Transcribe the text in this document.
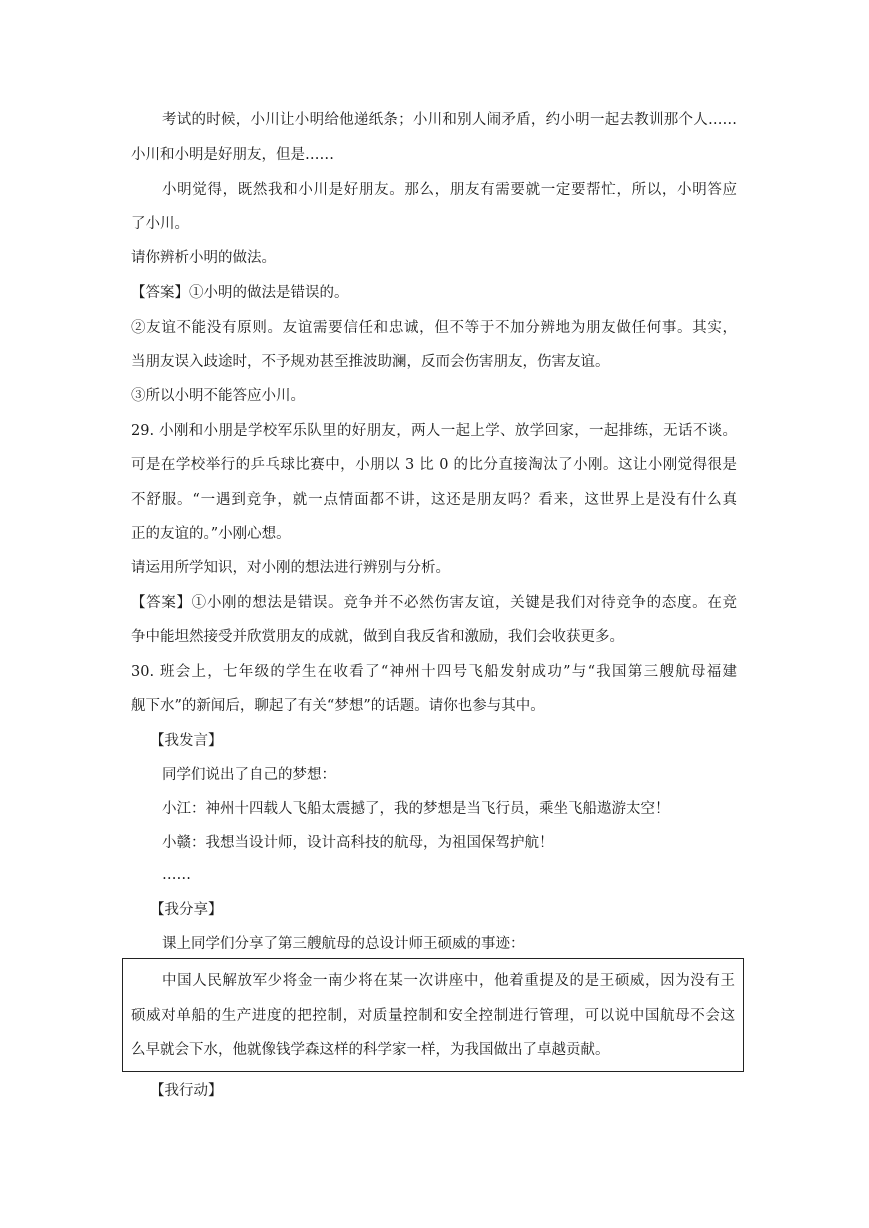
考试的时候，小川让小明给他递纸条；小川和别人闹矛盾，约小明一起去教训那个人……

小川和小明是好朋友，但是……

小明觉得，既然我和小川是好朋友。那么，朋友有需要就一定要帮忙，所以，小明答应

了小川。

请你辨析小明的做法。

【答案】①小明的做法是错误的。

②友谊不能没有原则。友谊需要信任和忠诚，但不等于不加分辨地为朋友做任何事。其实，

当朋友误入歧途时，不予规劝甚至推波助澜，反而会伤害朋友，伤害友谊。

③所以小明不能答应小川。

29. 小刚和小朋是学校军乐队里的好朋友，两人一起上学、放学回家，一起排练，无话不谈。

可是在学校举行的乒乓球比赛中，小朋以 3 比 0 的比分直接淘汰了小刚。这让小刚觉得很是

不舒服。“一遇到竞争，就一点情面都不讲，这还是朋友吗？看来，这世界上是没有什么真

正的友谊的。”小刚心想。

请运用所学知识，对小刚的想法进行辨别与分析。

【答案】①小刚的想法是错误。竞争并不必然伤害友谊，关键是我们对待竞争的态度。在竞

争中能坦然接受并欣赏朋友的成就，做到自我反省和激励，我们会收获更多。

30. 班会上，七年级的学生在收看了“神州十四号飞船发射成功”与“我国第三艘航母福建

舰下水”的新闻后，聊起了有关“梦想”的话题。请你也参与其中。

【我发言】

同学们说出了自己的梦想：

小江：神州十四载人飞船太震撼了，我的梦想是当飞行员，乘坐飞船遨游太空！

小赣：我想当设计师，设计高科技的航母，为祖国保驾护航！

……

【我分享】

课上同学们分享了第三艘航母的总设计师王硕威的事迹：

中国人民解放军少将金一南少将在某一次讲座中，他着重提及的是王硕威，因为没有王

硕威对单船的生产进度的把控制，对质量控制和安全控制进行管理，可以说中国航母不会这

么早就会下水，他就像钱学森这样的科学家一样，为我国做出了卓越贡献。

【我行动】
